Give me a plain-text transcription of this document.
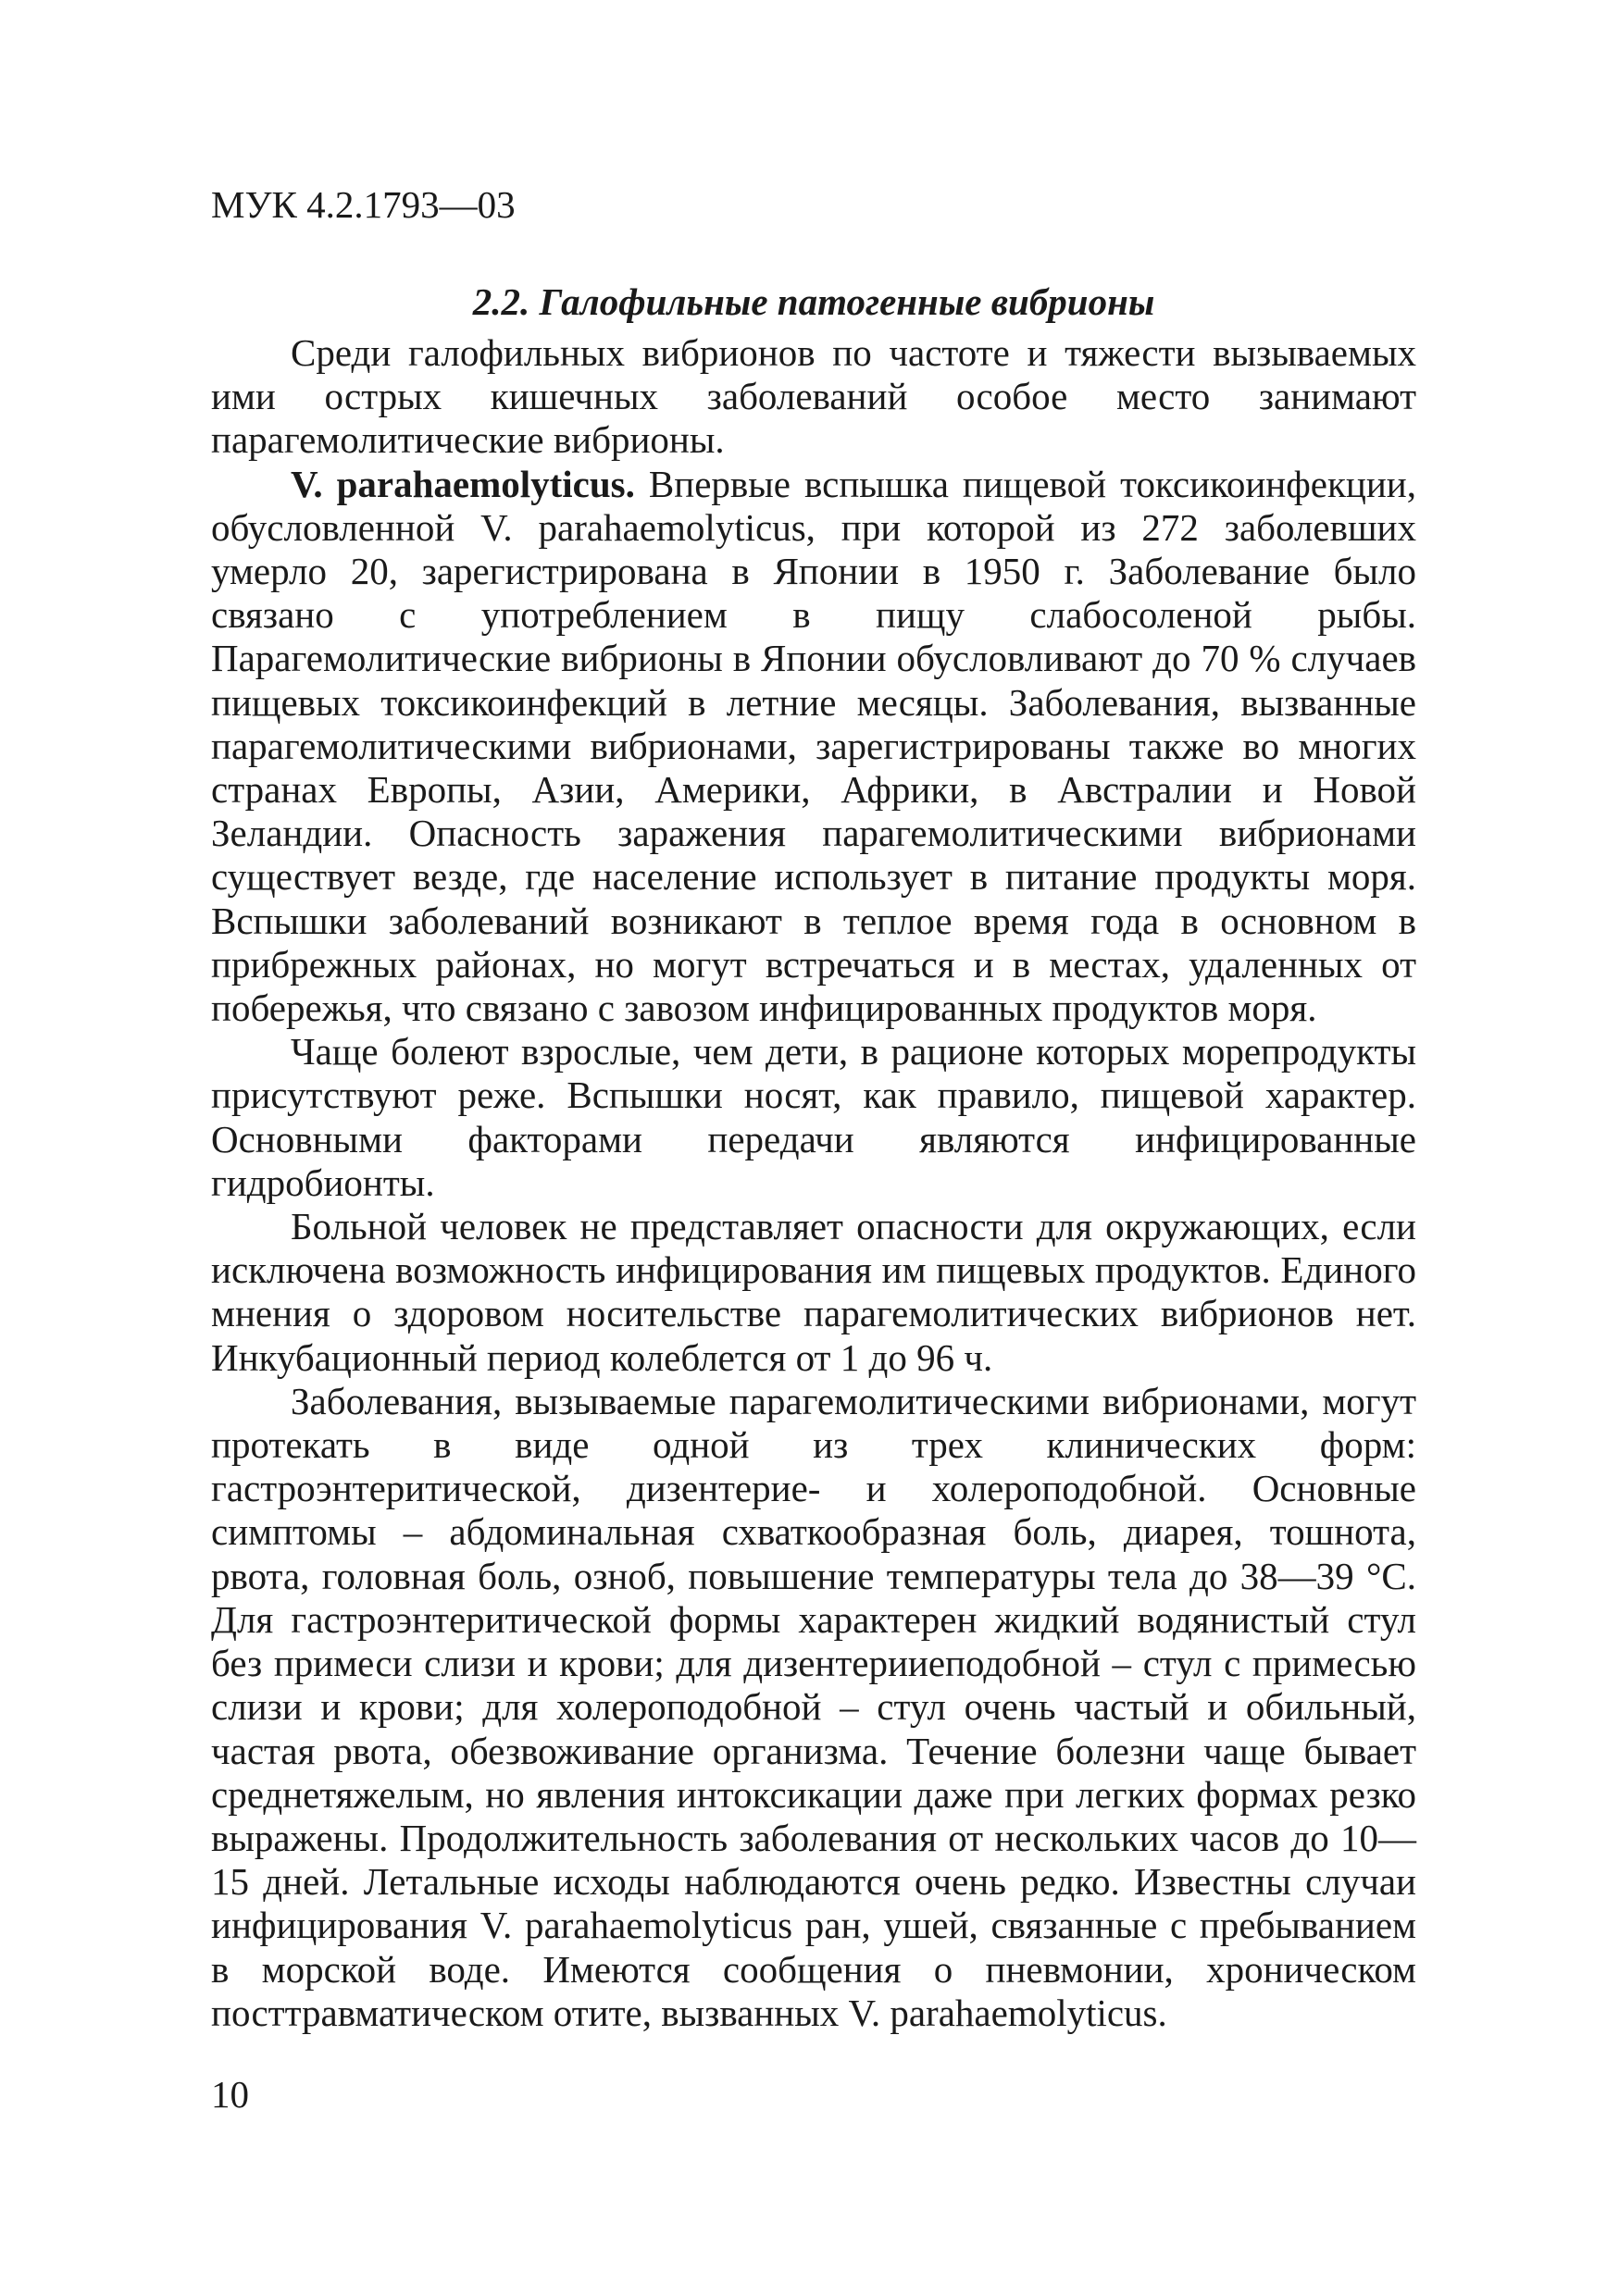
МУК 4.2.1793—03
2.2. Галофильные патогенные вибрионы

Среди галофильных вибрионов по частоте и тяжести вызываемых ими острых кишечных заболеваний особое место занимают парагемолитические вибрионы.

V. parahaemolyticus. Впервые вспышка пищевой токсикоинфекции, обусловленной V. parahaemolyticus, при которой из 272 заболевших умерло 20, зарегистрирована в Японии в 1950 г. Заболевание было связано с употреблением в пищу слабосоленой рыбы. Парагемолитические вибрионы в Японии обусловливают до 70 % случаев пищевых токсикоинфекций в летние месяцы. Заболевания, вызванные парагемолитическими вибрионами, зарегистрированы также во многих странах Европы, Азии, Америки, Африки, в Австралии и Новой Зеландии. Опасность заражения парагемолитическими вибрионами существует везде, где население использует в питание продукты моря. Вспышки заболеваний возникают в теплое время года в основном в прибрежных районах, но могут встречаться и в местах, удаленных от побережья, что связано с завозом инфицированных продуктов моря.

Чаще болеют взрослые, чем дети, в рационе которых морепродукты присутствуют реже. Вспышки носят, как правило, пищевой характер. Основными факторами передачи являются инфицированные гидробионты.

Больной человек не представляет опасности для окружающих, если исключена возможность инфицирования им пищевых продуктов. Единого мнения о здоровом носительстве парагемолитических вибрионов нет. Инкубационный период колеблется от 1 до 96 ч.

Заболевания, вызываемые парагемолитическими вибрионами, могут протекать в виде одной из трех клинических форм: гастроэнтеритической, дизентерие- и холероподобной. Основные симптомы – абдоминальная схваткообразная боль, диарея, тошнота, рвота, головная боль, озноб, повышение температуры тела до 38—39 °С. Для гастроэнтеритической формы характерен жидкий водянистый стул без примеси слизи и крови; для дизентерииеподобной – стул с примесью слизи и крови; для холероподобной – стул очень частый и обильный, частая рвота, обезвоживание организма. Течение болезни чаще бывает среднетяжелым, но явления интоксикации даже при легких формах резко выражены. Продолжительность заболевания от нескольких часов до 10—15 дней. Летальные исходы наблюдаются очень редко. Известны случаи инфицирования V. parahaemolyticus ран, ушей, связанные с пребыванием в морской воде. Имеются сообщения о пневмонии, хроническом посттравматическом отите, вызванных V. parahaemolyticus.

10
